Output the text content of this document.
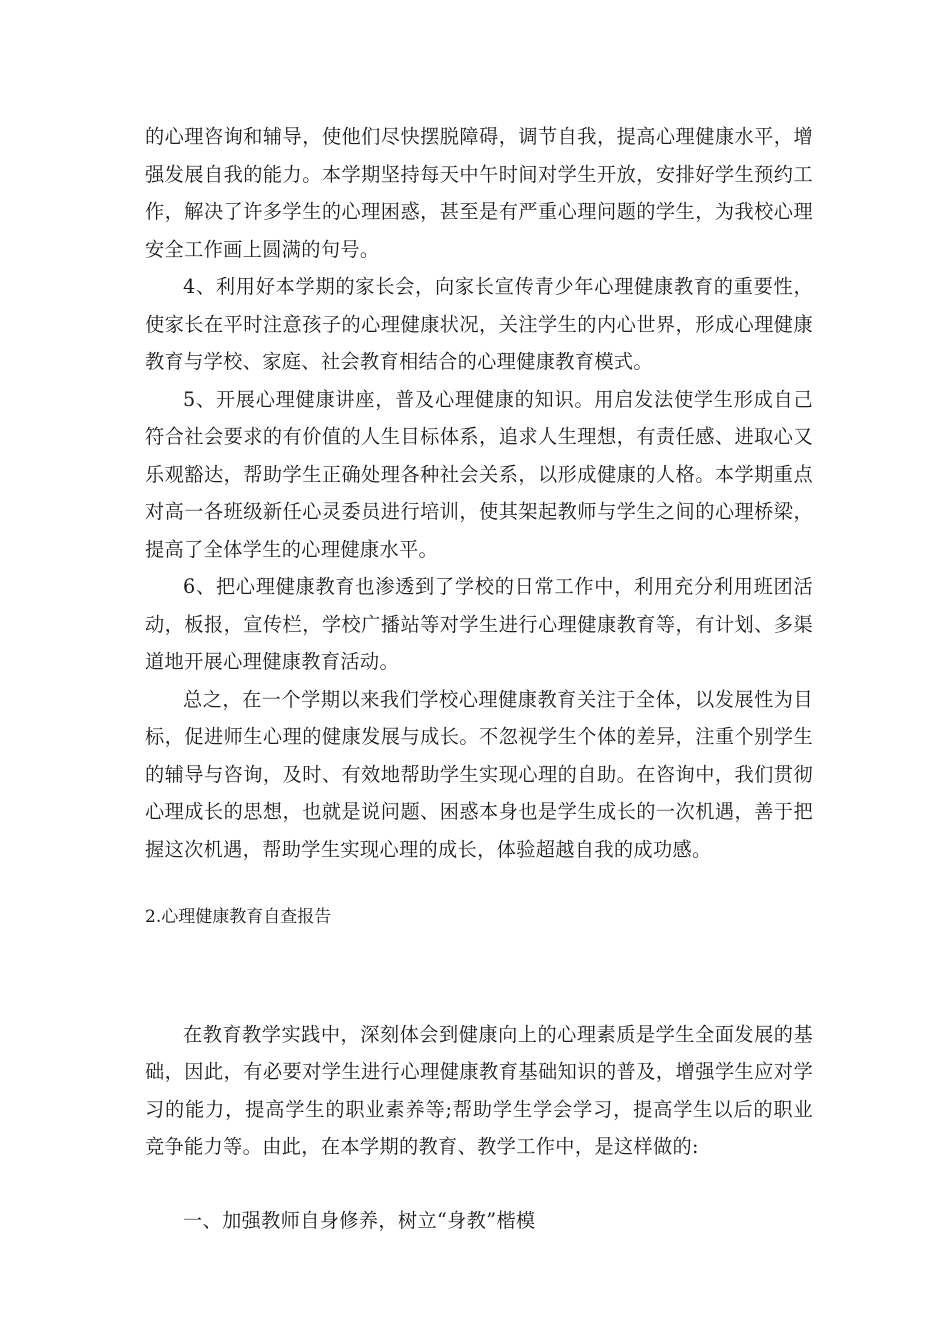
的心理咨询和辅导，使他们尽快摆脱障碍，调节自我，提高心理健康水平，增强发展自我的能力。本学期坚持每天中午时间对学生开放，安排好学生预约工作，解决了许多学生的心理困惑，甚至是有严重心理问题的学生，为我校心理安全工作画上圆满的句号。

4、利用好本学期的家长会，向家长宣传青少年心理健康教育的重要性，使家长在平时注意孩子的心理健康状况，关注学生的内心世界，形成心理健康教育与学校、家庭、社会教育相结合的心理健康教育模式。

5、开展心理健康讲座，普及心理健康的知识。用启发法使学生形成自己符合社会要求的有价值的人生目标体系，追求人生理想，有责任感、进取心又乐观豁达，帮助学生正确处理各种社会关系，以形成健康的人格。本学期重点对高一各班级新任心灵委员进行培训，使其架起教师与学生之间的心理桥梁，提高了全体学生的心理健康水平。

6、把心理健康教育也渗透到了学校的日常工作中，利用充分利用班团活动，板报，宣传栏，学校广播站等对学生进行心理健康教育等，有计划、多渠道地开展心理健康教育活动。

总之，在一个学期以来我们学校心理健康教育关注于全体，以发展性为目标，促进师生心理的健康发展与成长。不忽视学生个体的差异，注重个别学生的辅导与咨询，及时、有效地帮助学生实现心理的自助。在咨询中，我们贯彻心理成长的思想，也就是说问题、困惑本身也是学生成长的一次机遇，善于把握这次机遇，帮助学生实现心理的成长，体验超越自我的成功感。

2.心理健康教育自查报告

在教育教学实践中，深刻体会到健康向上的心理素质是学生全面发展的基础，因此，有必要对学生进行心理健康教育基础知识的普及，增强学生应对学习的能力，提高学生的职业素养等;帮助学生学会学习，提高学生以后的职业竞争能力等。由此，在本学期的教育、教学工作中，是这样做的:

一、加强教师自身修养，树立“身教”楷模
